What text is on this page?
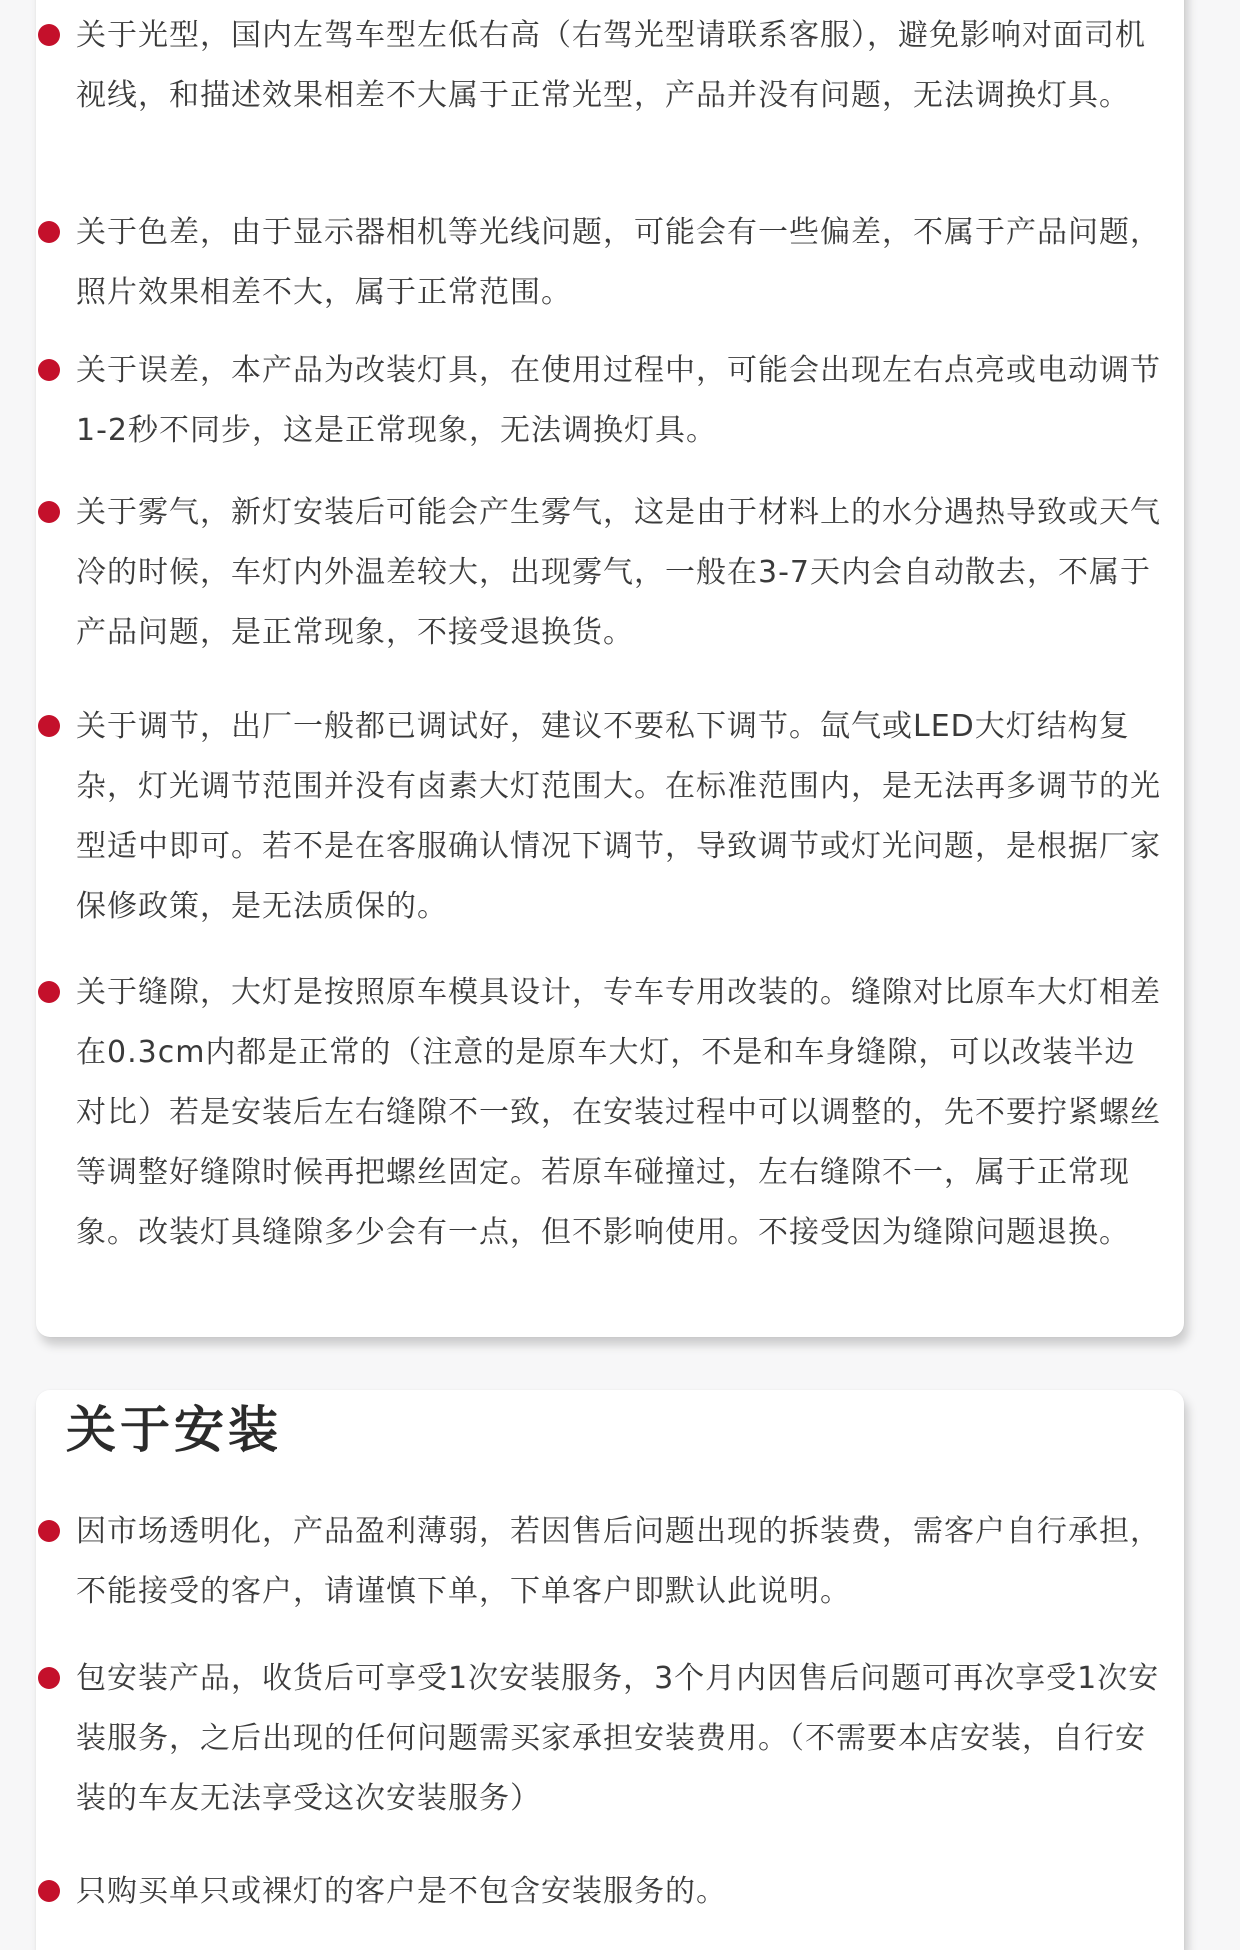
关于光型，国内左驾车型左低右高（右驾光型请联系客服），避免影响对面司机视线，和描述效果相差不大属于正常光型，产品并没有问题，无法调换灯具。

关于色差，由于显示器相机等光线问题，可能会有一些偏差，不属于产品问题，照片效果相差不大，属于正常范围。

关于误差，本产品为改装灯具，在使用过程中，可能会出现左右点亮或电动调节1-2秒不同步，这是正常现象，无法调换灯具。

关于雾气，新灯安装后可能会产生雾气，这是由于材料上的水分遇热导致或天气冷的时候，车灯内外温差较大，出现雾气，一般在3-7天内会自动散去，不属于产品问题，是正常现象，不接受退换货。

关于调节，出厂一般都已调试好，建议不要私下调节。氙气或LED大灯结构复杂，灯光调节范围并没有卤素大灯范围大。在标准范围内，是无法再多调节的光型适中即可。若不是在客服确认情况下调节，导致调节或灯光问题，是根据厂家保修政策，是无法质保的。

关于缝隙，大灯是按照原车模具设计，专车专用改装的。缝隙对比原车大灯相差在0.3cm内都是正常的（注意的是原车大灯，不是和车身缝隙，可以改装半边对比）若是安装后左右缝隙不一致，在安装过程中可以调整的，先不要拧紧螺丝等调整好缝隙时候再把螺丝固定。若原车碰撞过，左右缝隙不一，属于正常现象。改装灯具缝隙多少会有一点，但不影响使用。不接受因为缝隙问题退换。

关于安装

因市场透明化，产品盈利薄弱，若因售后问题出现的拆装费，需客户自行承担，不能接受的客户，请谨慎下单，下单客户即默认此说明。

包安装产品，收货后可享受1次安装服务，3个月内因售后问题可再次享受1次安装服务，之后出现的任何问题需买家承担安装费用。（不需要本店安装，自行安装的车友无法享受这次安装服务）

只购买单只或裸灯的客户是不包含安装服务的。
